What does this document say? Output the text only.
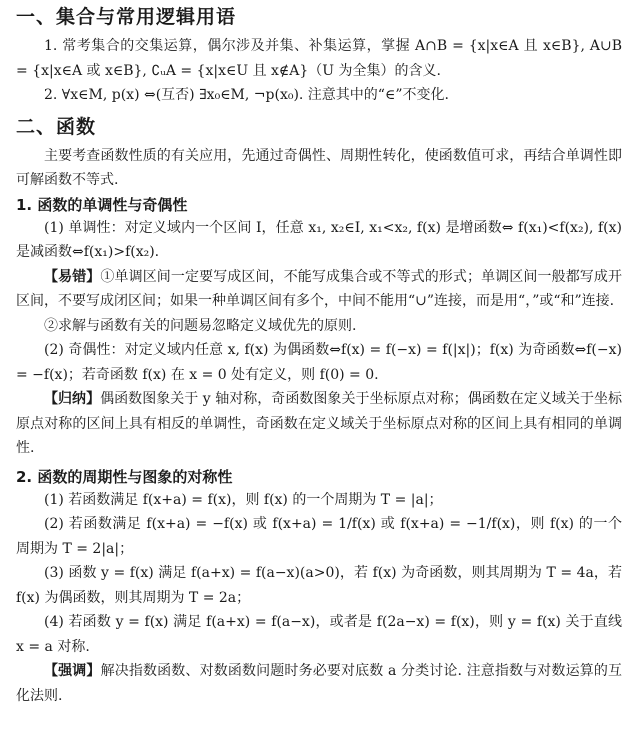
一、集合与常用逻辑用语

1. 常考集合的交集运算，偶尔涉及并集、补集运算，掌握 A∩B = {x|x∈A 且 x∈B}, A∪B = {x|x∈A 或 x∈B}, ∁ᵤA = {x|x∈U 且 x∉A}（U 为全集）的含义.

2. ∀x∈M, p(x) ⇔(互否) ∃x₀∈M, ¬p(x₀). 注意其中的“∈”不变化.

二、函数

主要考查函数性质的有关应用，先通过奇偶性、周期性转化，使函数值可求，再结合单调性即可解函数不等式.

1. 函数的单调性与奇偶性

(1) 单调性：对定义域内一个区间 I，任意 x₁, x₂∈I, x₁<x₂, f(x) 是增函数⇔ f(x₁)<f(x₂), f(x) 是减函数⇔f(x₁)>f(x₂).

【易错】①单调区间一定要写成区间，不能写成集合或不等式的形式；单调区间一般都写成开区间，不要写成闭区间；如果一种单调区间有多个，中间不能用“∪”连接，而是用“，”或“和”连接.

②求解与函数有关的问题易忽略定义域优先的原则.

(2) 奇偶性：对定义域内任意 x, f(x) 为偶函数⇔f(x) = f(−x) = f(|x|)；f(x) 为奇函数⇔f(−x) = −f(x)；若奇函数 f(x) 在 x = 0 处有定义，则 f(0) = 0.

【归纳】偶函数图象关于 y 轴对称，奇函数图象关于坐标原点对称；偶函数在定义域关于坐标原点对称的区间上具有相反的单调性，奇函数在定义域关于坐标原点对称的区间上具有相同的单调性.

2. 函数的周期性与图象的对称性

(1) 若函数满足 f(x+a) = f(x)，则 f(x) 的一个周期为 T = |a|；

(2) 若函数满足 f(x+a) = −f(x) 或 f(x+a) = 1/f(x) 或 f(x+a) = −1/f(x)，则 f(x) 的一个周期为 T = 2|a|；

(3) 函数 y = f(x) 满足 f(a+x) = f(a−x)(a>0)，若 f(x) 为奇函数，则其周期为 T = 4a，若 f(x) 为偶函数，则其周期为 T = 2a；

(4) 若函数 y = f(x) 满足 f(a+x) = f(a−x)，或者是 f(2a−x) = f(x)，则 y = f(x) 关于直线 x = a 对称.

【强调】解决指数函数、对数函数问题时务必要对底数 a 分类讨论. 注意指数与对数运算的互化法则.
